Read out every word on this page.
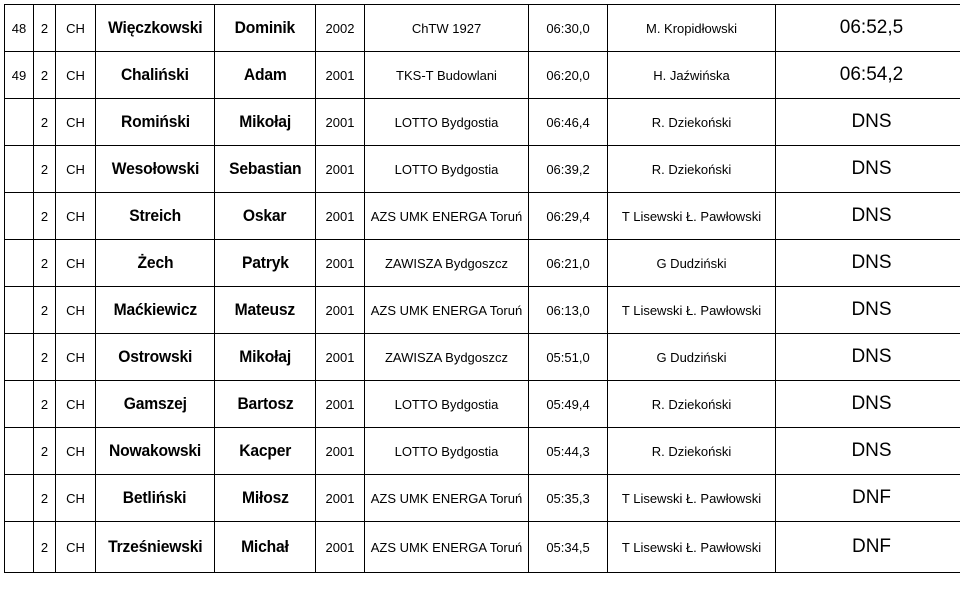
48	2	CH	Więczkowski	Dominik	2002	ChTW 1927	06:30,0	M. Kropidłowski	06:52,5
49	2	CH	Chaliński	Adam	2001	TKS-T Budowlani	06:20,0	H. Jaźwińska	06:54,2
	2	CH	Romiński	Mikołaj	2001	LOTTO Bydgostia	06:46,4	R. Dziekoński	DNS
	2	CH	Wesołowski	Sebastian	2001	LOTTO Bydgostia	06:39,2	R. Dziekoński	DNS
	2	CH	Streich	Oskar	2001	AZS UMK ENERGA Toruń	06:29,4	T Lisewski Ł. Pawłowski	DNS
	2	CH	Żech	Patryk	2001	ZAWISZA Bydgoszcz	06:21,0	G Dudziński	DNS
	2	CH	Maćkiewicz	Mateusz	2001	AZS UMK ENERGA Toruń	06:13,0	T Lisewski Ł. Pawłowski	DNS
	2	CH	Ostrowski	Mikołaj	2001	ZAWISZA Bydgoszcz	05:51,0	G Dudziński	DNS
	2	CH	Gamszej	Bartosz	2001	LOTTO Bydgostia	05:49,4	R. Dziekoński	DNS
	2	CH	Nowakowski	Kacper	2001	LOTTO Bydgostia	05:44,3	R. Dziekoński	DNS
	2	CH	Betliński	Miłosz	2001	AZS UMK ENERGA Toruń	05:35,3	T Lisewski Ł. Pawłowski	DNF
	2	CH	Trześniewski	Michał	2001	AZS UMK ENERGA Toruń	05:34,5	T Lisewski Ł. Pawłowski	DNF
